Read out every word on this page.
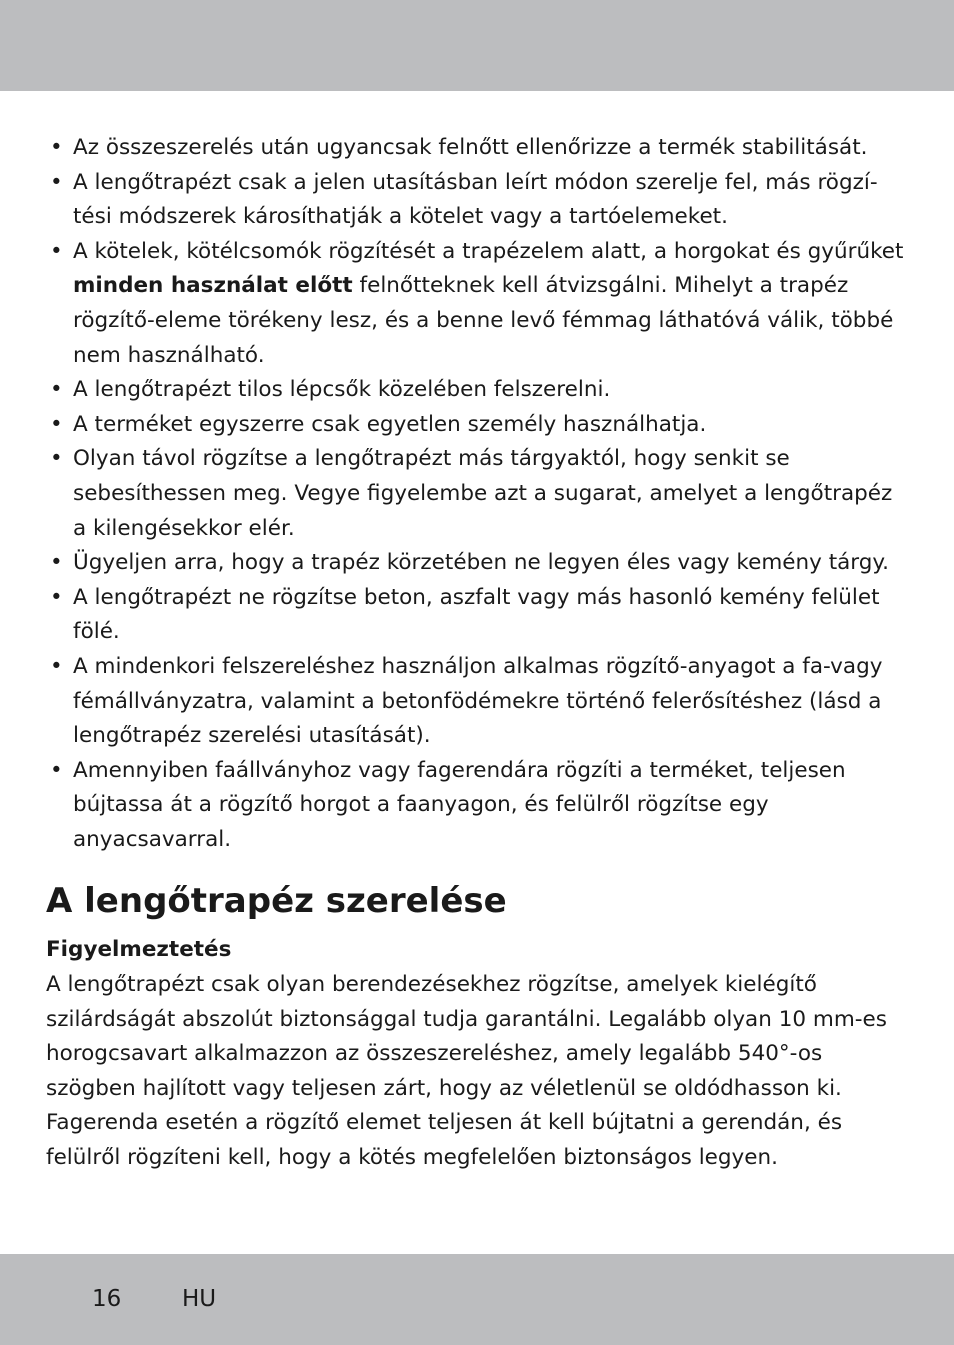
• Az összeszerelés után ugyancsak felnőtt ellenőrizze a termék stabilitását.
• A lengőtrapézt csak a jelen utasításban leírt módon szerelje fel, más rögzí-tési módszerek károsíthatják a kötelet vagy a tartóelemeket.
• A kötelek, kötélcsomók rögzítését a trapézelem alatt, a horgokat és gyűrűket minden használat előtt felnőtteknek kell átvizsgálni. Mihelyt a trapéz rögzítő-eleme törékeny lesz, és a benne levő fémmag láthatóvá válik, többé nem használható.
• A lengőtrapézt tilos lépcsők közelében felszerelni.
• A terméket egyszerre csak egyetlen személy használhatja.
• Olyan távol rögzítse a lengőtrapézt más tárgyaktól, hogy senkit se sebesíthessen meg. Vegye figyelembe azt a sugarat, amelyet a lengőtrapéz a kilengésekkor elér.
• Ügyeljen arra, hogy a trapéz körzetében ne legyen éles vagy kemény tárgy.
• A lengőtrapézt ne rögzítse beton, aszfalt vagy más hasonló kemény felület fölé.
• A mindenkori felszereléshez használjon alkalmas rögzítő-anyagot a fa-vagy fémállványzatra, valamint a betonfödémekre történő felerősítéshez (lásd a lengőtrapéz szerelési utasítását).
• Amennyiben faállványhoz vagy fagerendára rögzíti a terméket, teljesen bújtassa át a rögzítő horgot a faanyagon, és felülről rögzítse egy anyacsavarral.
A lengőtrapéz szerelése
Figyelmeztetés

A lengőtrapézt csak olyan berendezésekhez rögzítse, amelyek kielégítő szilárdságát abszolút biztonsággal tudja garantálni. Legalább olyan 10 mm-es horogcsavart alkalmazzon az összeszereléshez, amely legalább 540°-os szögben hajlított vagy teljesen zárt, hogy az véletlenül se oldódhasson ki. Fagerenda esetén a rögzítő elemet teljesen át kell bújtatni a gerendán, és felülről rögzíteni kell, hogy a kötés megfelelően biztonságos legyen.

16	HU
